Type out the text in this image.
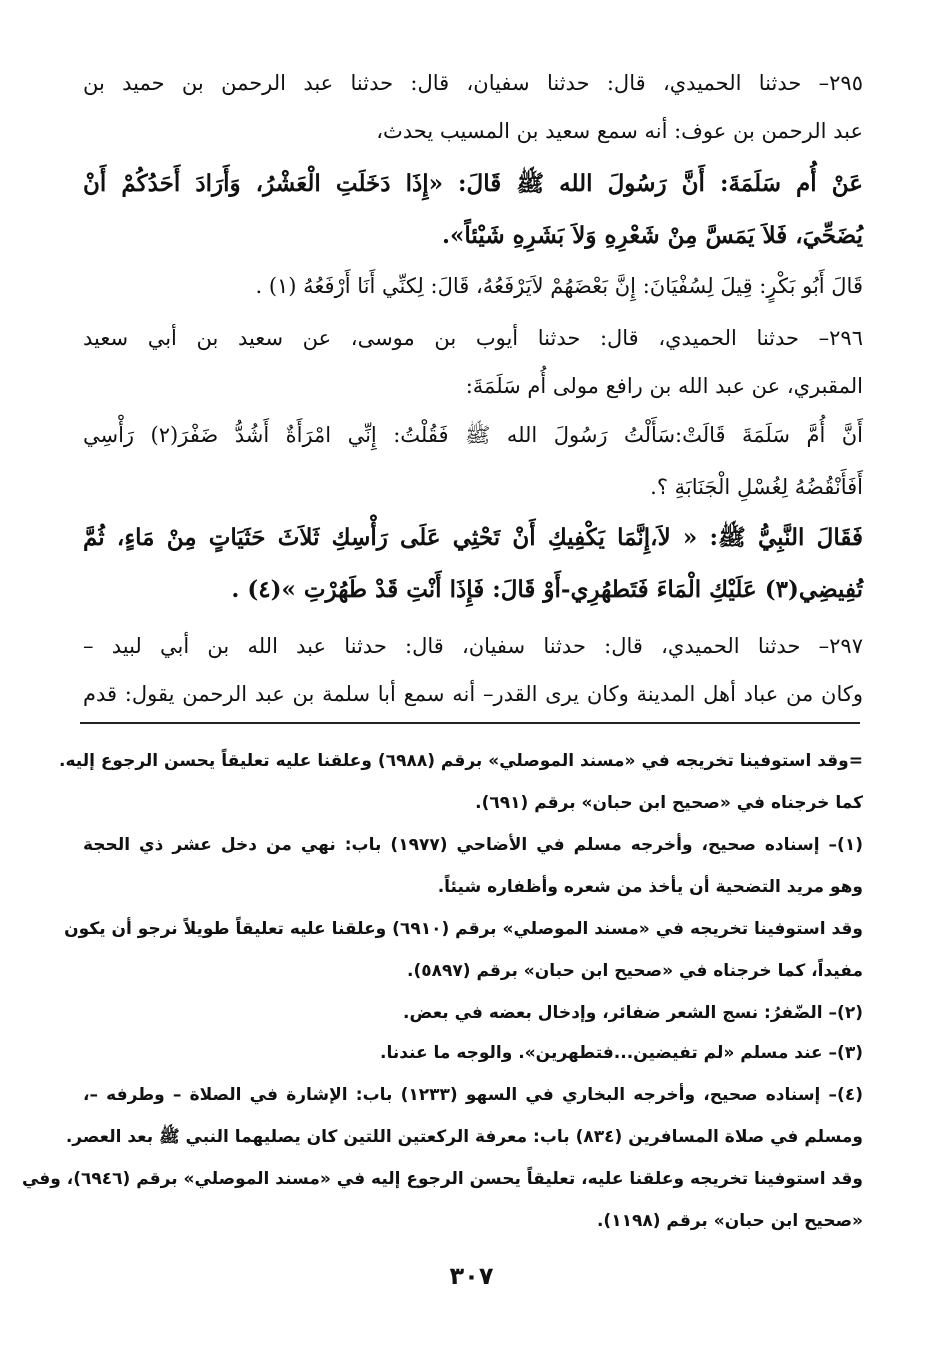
٢٩٥– حدثنا الحميدي، قال: حدثنا سفيان، قال: حدثنا عبد الرحمن بن حميد بن
عبد الرحمن بن عوف: أنه سمع سعيد بن المسيب يحدث،
عَنْ أُم سَلَمَةَ: أَنَّ رَسُولَ الله ﷺ قَالَ: «إِذَا دَخَلَتِ الْعَشْرُ، وَأَرَادَ أَحَدُكُمْ أَنْ
يُضَحِّيَ، فَلاَ يَمَسَّ مِنْ شَعْرِهِ وَلاَ بَشَرِهِ شَيْئاً».
قَالَ أَبُو بَكْرٍ: قِيلَ لِسُفْيَانَ: إِنَّ بَعْضَهُمْ لاَيَرْفَعُهُ، قَالَ: لِكنِّي أَنَا أَرْفَعُهُ (١) .
٢٩٦– حدثنا الحميدي، قال: حدثنا أيوب بن موسى، عن سعيد بن أبي سعيد
المقبري، عن عبد الله بن رافع مولى أُم سَلَمَةَ:
أَنَّ أُمَّ سَلَمَةَ قَالَتْ:سَأَلْتُ رَسُولَ الله ﷺ فَقُلْتُ: إِنِّي امْرَأَةٌ أَشُدُّ ضَفْرَ(٢) رَأْسِي
أَفَأَنْقُضُهُ لِغُسْلِ الْجَنَابَةِ ؟.
فَقَالَ النَّبِيُّ ﷺ: « لاَ،إِنَّمَا يَكْفِيكِ أَنْ تَحْثِي عَلَى رَأْسِكِ ثَلاَثَ حَثَيَاتٍ مِنْ مَاءٍ، ثُمَّ
تُفِيضِي(٣) عَلَيْكِ الْمَاءَ فَتَطهُرِي-أَوْ قَالَ: فَإِذَا أَنْتِ قَدْ طَهُرْتِ »(٤) .
٢٩٧– حدثنا الحميدي، قال: حدثنا سفيان، قال: حدثنا عبد الله بن أبي لبيد –
وكان من عباد أهل المدينة وكان يرى القدر– أنه سمع أبا سلمة بن عبد الرحمن يقول: قدم
=وقد استوفينا تخريجه في «مسند الموصلي» برقم (٦٩٨٨) وعلقنا عليه تعليقاً يحسن الرجوع إليه.
كما خرجناه في «صحيح ابن حبان» برقم (٦٩١).
(١)– إسناده صحيح، وأخرجه مسلم في الأضاحي (١٩٧٧) باب: نهي من دخل عشر ذي الحجة
وهو مريد التضحية أن يأخذ من شعره وأظفاره شيئاً.
وقد استوفينا تخريجه في «مسند الموصلي» برقم (٦٩١٠) وعلقنا عليه تعليقاً طويلاً نرجو أن يكون
مفيداً، كما خرجناه في «صحيح ابن حبان» برقم (٥٨٩٧).
(٢)– الضّفرُ: نسج الشعر ضفائر، وإدخال بعضه في بعض.
(٣)– عند مسلم «لم تفيضين...فتطهرين». والوجه ما عندنا.
(٤)– إسناده صحيح، وأخرجه البخاري في السهو (١٢٣٣) باب: الإشارة في الصلاة – وطرفه –،
ومسلم في صلاة المسافرين (٨٣٤) باب: معرفة الركعتين اللتين كان يصليهما النبي ﷺ بعد العصر.
وقد استوفينا تخريجه وعلقنا عليه، تعليقاً يحسن الرجوع إليه في «مسند الموصلي» برقم (٦٩٤٦)، وفي
«صحيح ابن حبان» برقم (١١٩٨).
٣٠٧
